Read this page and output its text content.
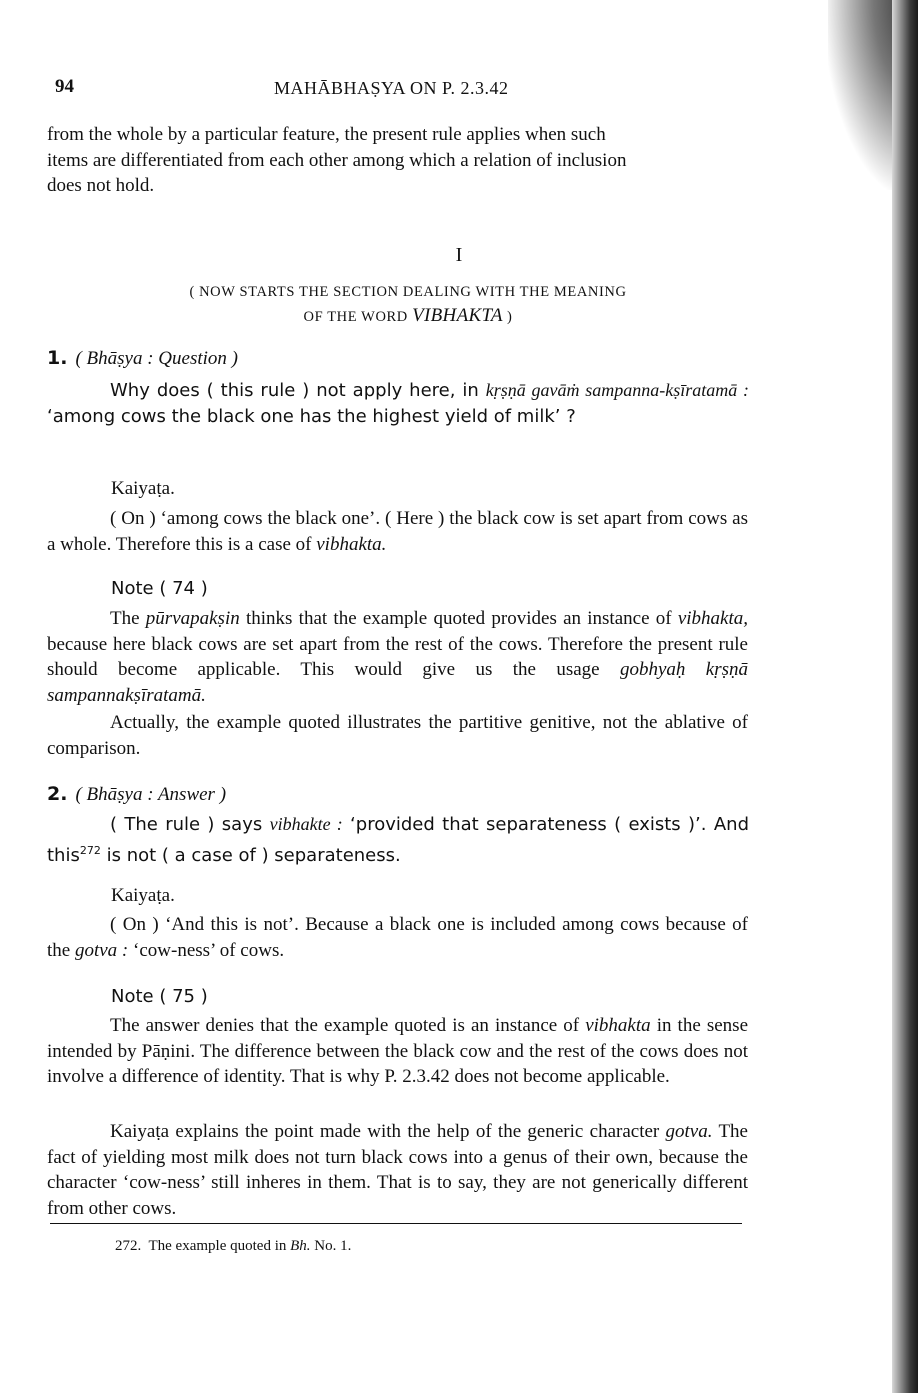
94	MAHĀBHAṢYA ON P. 2.3.42
from the whole by a particular feature, the present rule applies when such
items are differentiated from each other among which a relation of inclusion
does not hold.
I
( NOW STARTS THE SECTION DEALING WITH THE MEANING
OF THE WORD VIBHAKTA )
1. ( Bhāṣya : Question )
Why does ( this rule ) not apply here, in kṛṣṇā gavāṁ sampanna-kṣīratamā : ‘among cows the black one has the highest yield of milk’ ?
Kaiyaṭa.
( On ) ‘among cows the black one’. ( Here ) the black cow is set apart from cows as a whole. Therefore this is a case of vibhakta.
Note ( 74 )
The pūrvapakṣin thinks that the example quoted provides an instance of vibhakta, because here black cows are set apart from the rest of the cows. Therefore the present rule should become applicable. This would give us the usage gobhyaḥ kṛṣṇā sampannakṣīratamā.
Actually, the example quoted illustrates the partitive genitive, not the ablative of comparison.
2. ( Bhāṣya : Answer )
( The rule ) says vibhakte : ‘provided that separateness ( exists )’. And this$^{272}$ is not ( a case of ) separateness.
Kaiyaṭa.
( On ) ‘And this is not’. Because a black one is included among cows because of the gotva : ‘cow-ness’ of cows.
Note ( 75 )
The answer denies that the example quoted is an instance of vibhakta in the sense intended by Pāṇini. The difference between the black cow and the rest of the cows does not involve a difference of identity. That is why P. 2.3.42 does not become applicable.
Kaiyaṭa explains the point made with the help of the generic character gotva. The fact of yielding most milk does not turn black cows into a genus of their own, because the character ‘cow-ness’ still inheres in them. That is to say, they are not generically different from other cows.
272. The example quoted in Bh. No. 1.
